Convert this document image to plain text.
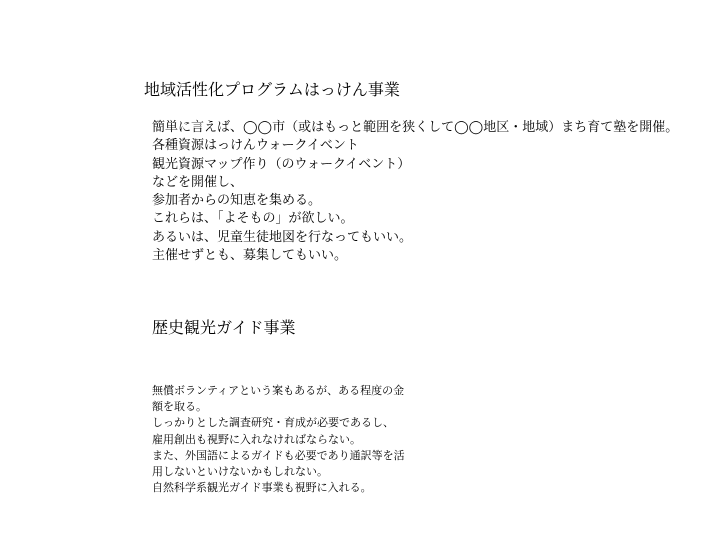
地域活性化プログラムはっけん事業
簡単に言えば、◯◯市（或はもっと範囲を狭くして◯◯地区・地域）まち育て塾を開催。
各種資源はっけんウォークイベント
観光資源マップ作り（のウォークイベント）
などを開催し、
参加者からの知恵を集める。
これらは、「よそもの」が欲しい。
あるいは、児童生徒地図を行なってもいい。
主催せずとも、募集してもいい。
歴史観光ガイド事業
無償ボランティアという案もあるが、ある程度の金
額を取る。
しっかりとした調査研究・育成が必要であるし、
雇用創出も視野に入れなければならない。
また、外国語によるガイドも必要であり通訳等を活
用しないといけないかもしれない。
自然科学系観光ガイド事業も視野に入れる。
